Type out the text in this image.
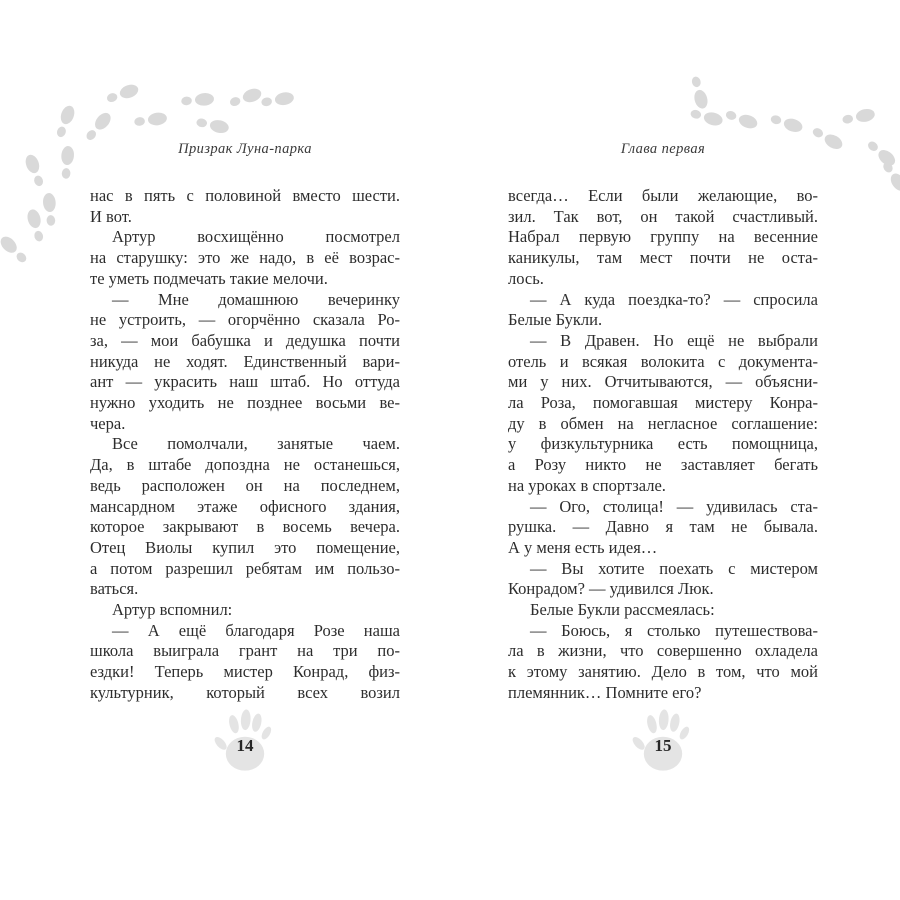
Призрак Луна-парка
нас в пять с половиной вместо шести.
И вот.
Артур восхищённо посмотрел
на старушку: это же надо, в её возрас-
те уметь подмечать такие мелочи.
— Мне домашнюю вечеринку
не устроить, — огорчённо сказала Ро-
за, — мои бабушка и дедушка почти
никуда не ходят. Единственный вари-
ант — украсить наш штаб. Но оттуда
нужно уходить не позднее восьми ве-
чера.
Все помолчали, занятые чаем.
Да, в штабе допоздна не останешься,
ведь расположен он на последнем,
мансардном этаже офисного здания,
которое закрывают в восемь вечера.
Отец Виолы купил это помещение,
а потом разрешил ребятам им пользо-
ваться.
Артур вспомнил:
— А ещё благодаря Розе наша
школа выиграла грант на три по-
ездки! Теперь мистер Конрад, физ-
культурник, который всех возил
14
Глава первая
всегда… Если были желающие, во-
зил. Так вот, он такой счастливый.
Набрал первую группу на весенние
каникулы, там мест почти не оста-
лось.
— А куда поездка-то? — спросила
Белые Букли.
— В Дравен. Но ещё не выбрали
отель и всякая волокита с документа-
ми у них. Отчитываются, — объясни-
ла Роза, помогавшая мистеру Конра-
ду в обмен на негласное соглашение:
у физкультурника есть помощница,
а Розу никто не заставляет бегать
на уроках в спортзале.
— Ого, столица! — удивилась ста-
рушка. — Давно я там не бывала.
А у меня есть идея…
— Вы хотите поехать с мистером
Конрадом? — удивился Люк.
Белые Букли рассмеялась:
— Боюсь, я столько путешествова-
ла в жизни, что совершенно охладела
к этому занятию. Дело в том, что мой
племянник… Помните его?
15
